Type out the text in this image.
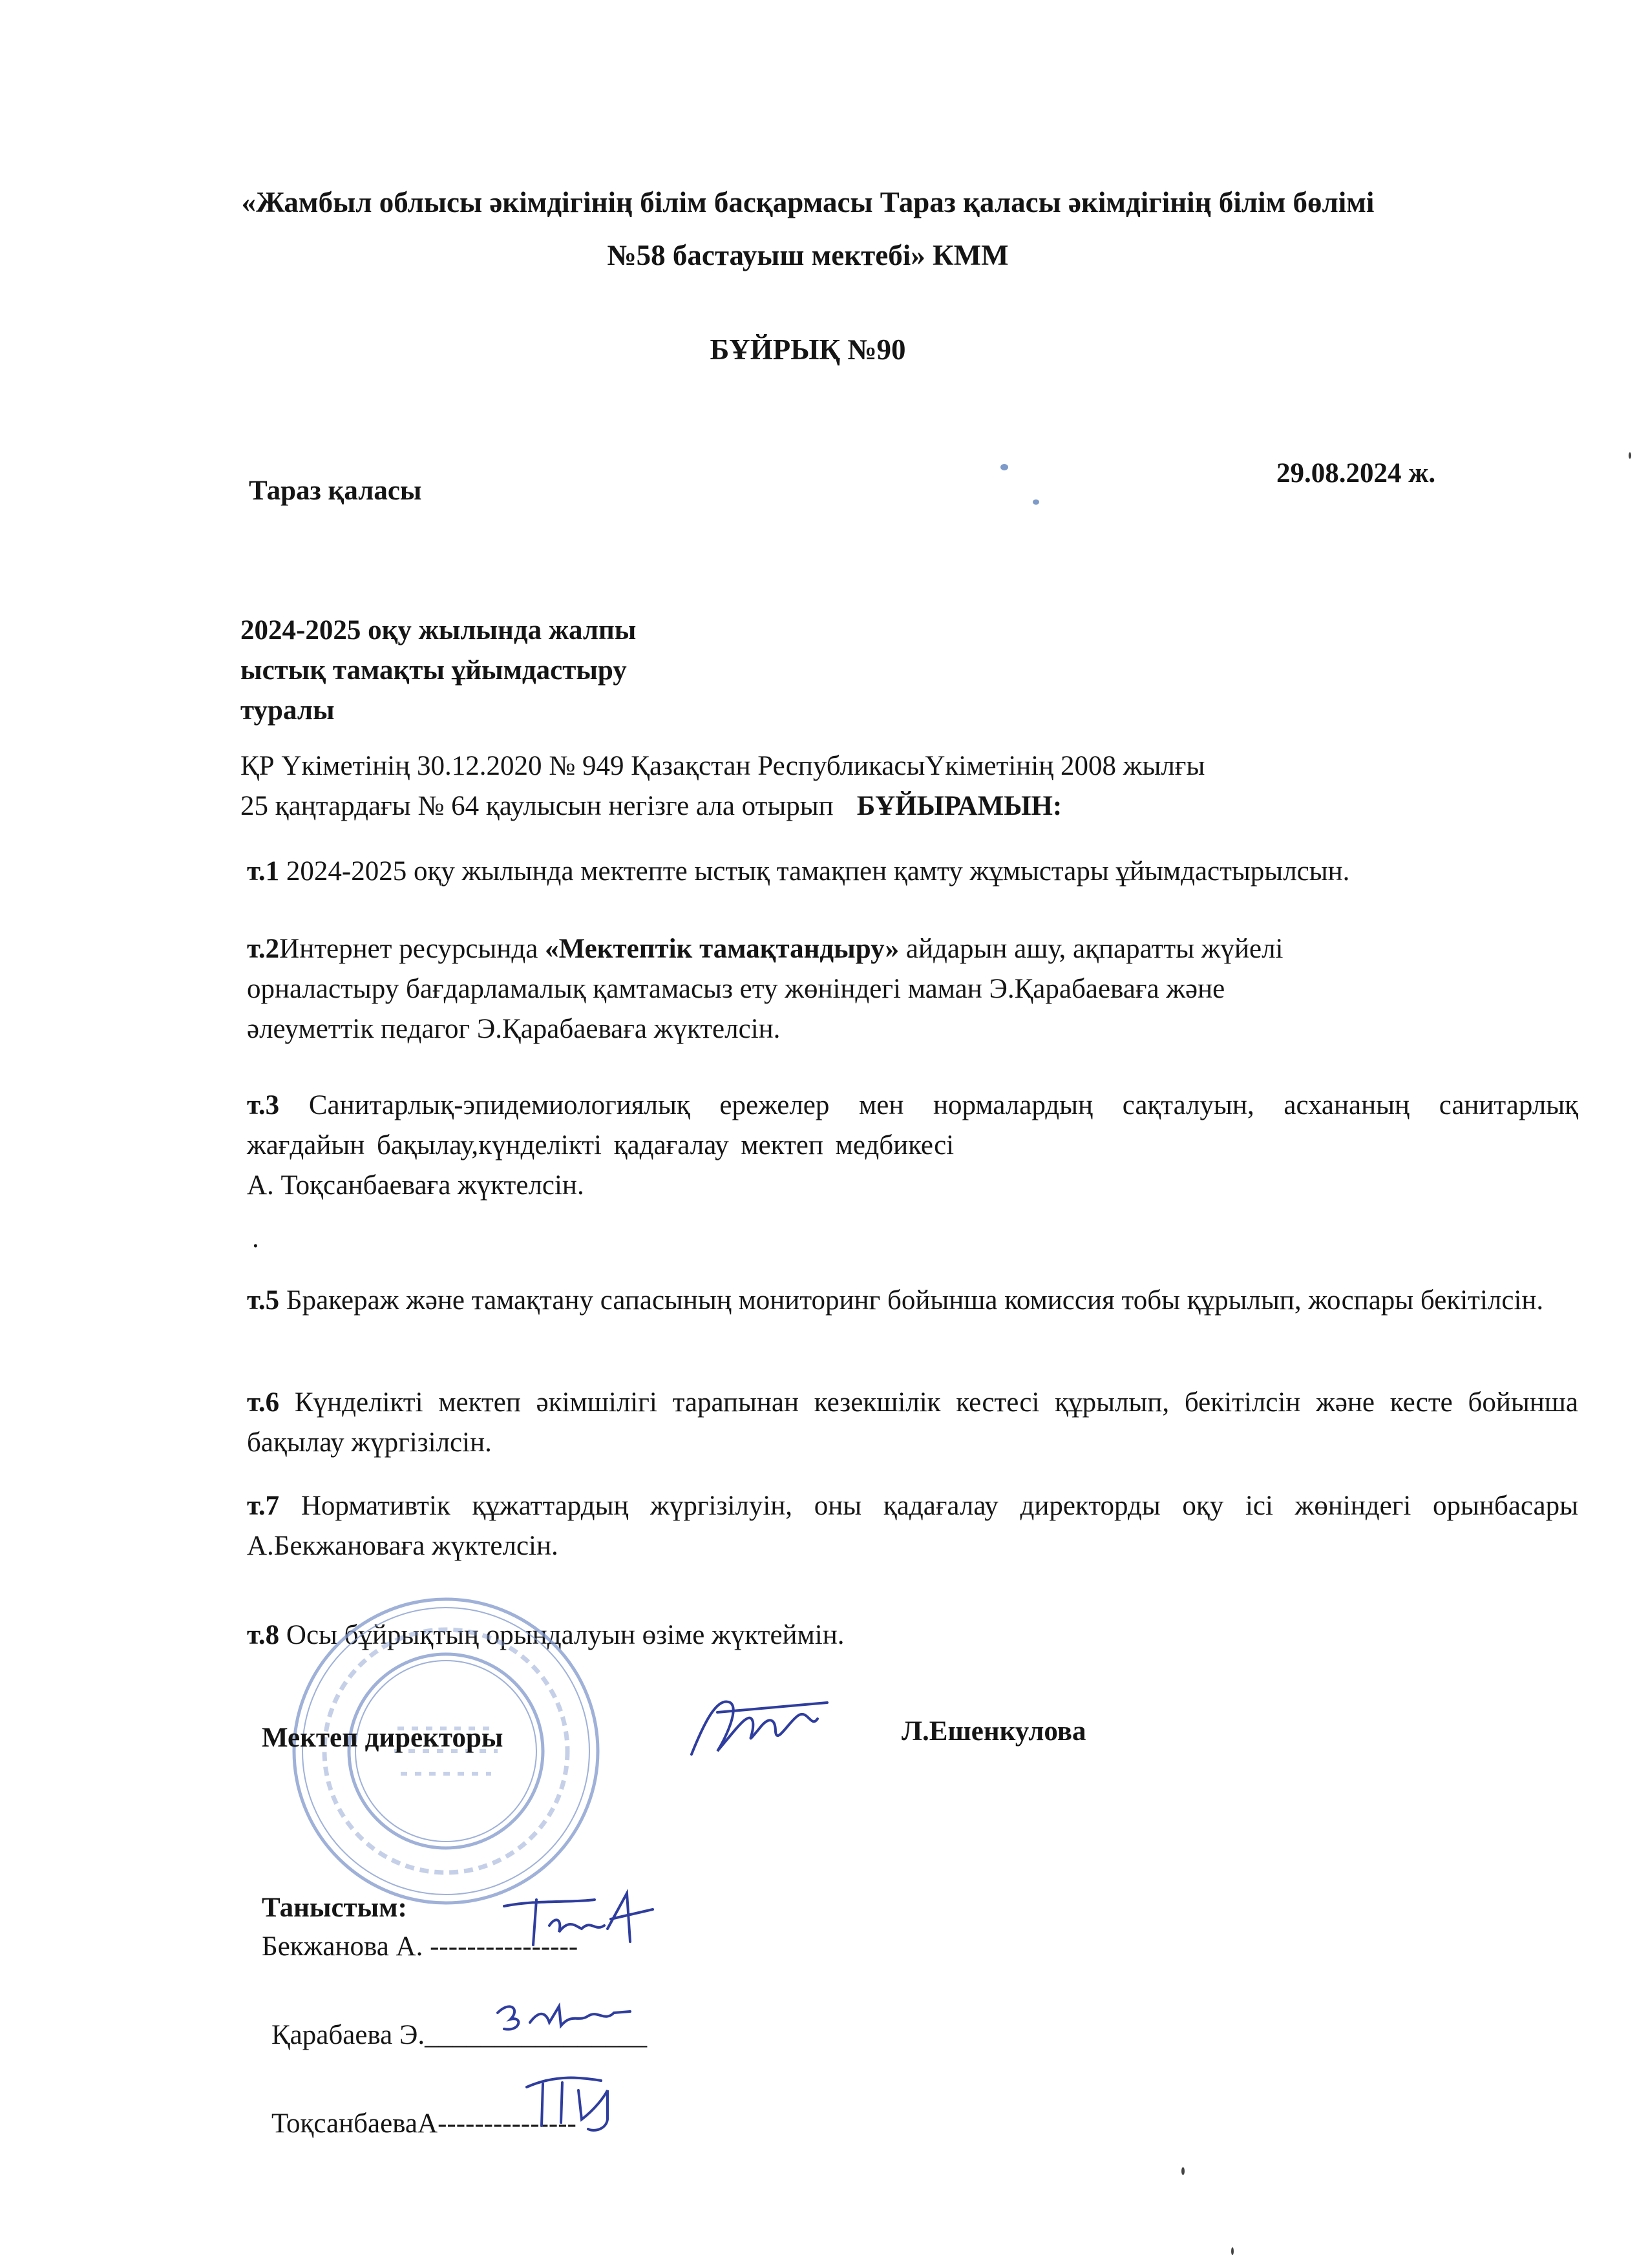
«Жамбыл облысы әкімдігінің білім басқармасы Тараз қаласы әкімдігінің білім бөлімі
№58 бастауыш мектебі» КММ
БҰЙРЫҚ №90
Тараз қаласы
29.08.2024 ж.
2024-2025 оқу жылында жалпы
ыстық тамақты ұйымдастыру
туралы
ҚР Үкіметінің 30.12.2020 № 949 Қазақстан РеспубликасыҮкіметінің 2008 жылғы
25 қаңтардағы № 64 қаулысын негізге ала отырып БҰЙЫРАМЫН:
т.1 2024-2025 оқу жылында мектепте ыстық тамақпен қамту жұмыстары ұйымдастырылсын.
т.2Интернет ресурсында «Мектептік тамақтандыру» айдарын ашу, ақпаратты жүйелі
орналастыру бағдарламалық қамтамасыз ету жөніндегі маман Э.Қарабаеваға және
әлеуметтік педагог Э.Қарабаеваға жүктелсін.
т.3 Санитарлық-эпидемиологиялық ережелер мен нормалардың сақталуын, асхананың санитарлық жағдайын бақылау,күнделікті қадағалау мектеп медбикесі
А. Тоқсанбаеваға жүктелсін.
.
т.5 Бракераж және тамақтану сапасының мониторинг бойынша комиссия тобы құрылып, жоспары бекітілсін.
т.6 Күнделікті мектеп әкімшілігі тарапынан кезекшілік кестесі құрылып, бекітілсін және кесте бойынша бақылау жүргізілсін.
т.7 Нормативтік құжаттардың жүргізілуін, оны қадағалау директорды оқу ісі жөніндегі орынбасары А.Бекжановаға жүктелсін.
т.8 Осы бұйрықтың орындалуын өзіме жүктеймін.
Мектеп директоры	Л.Ешенкулова
Таныстым:
Бекжанова А. ----------------
Қарабаева Э.________________
ТоқсанбаеваА---------------
